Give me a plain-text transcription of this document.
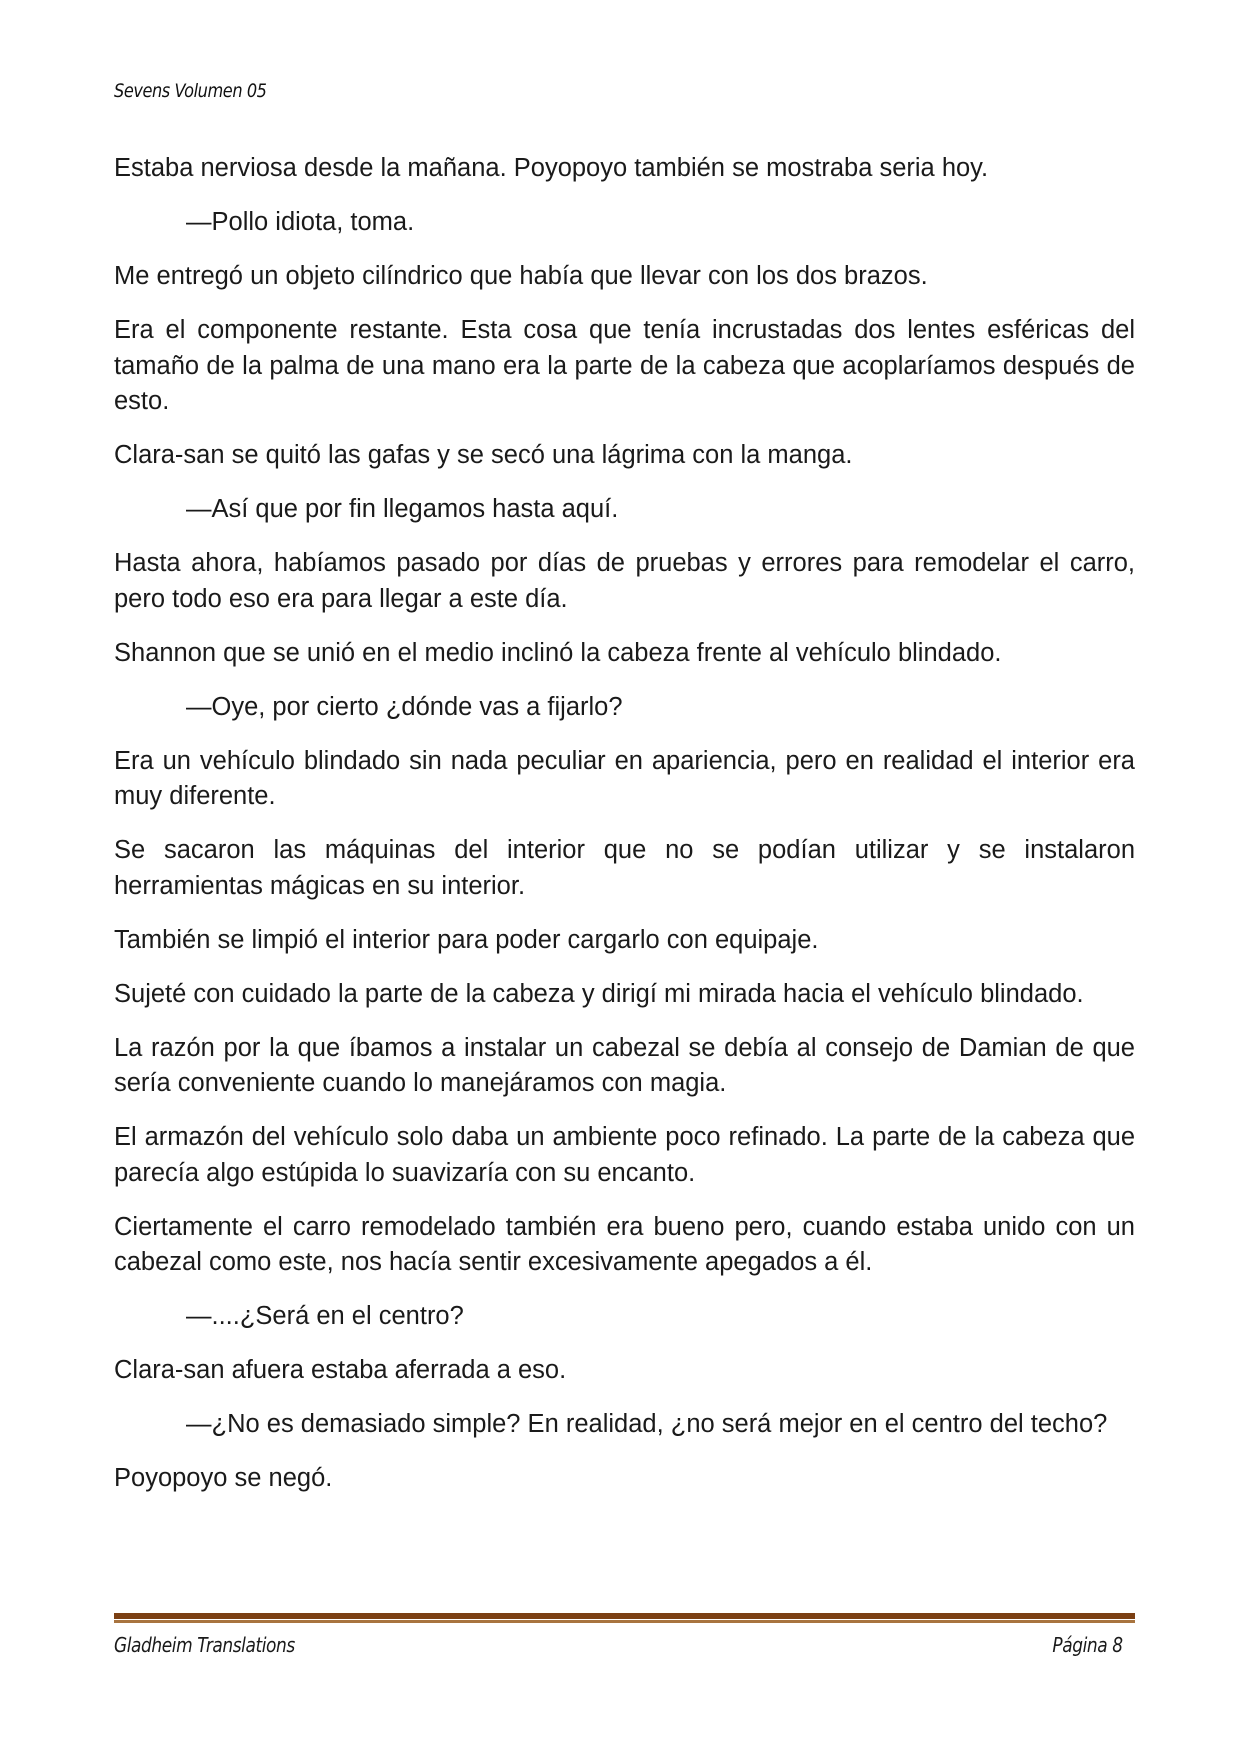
Sevens Volumen 05

Estaba nerviosa desde la mañana. Poyopoyo también se mostraba seria hoy.

—Pollo idiota, toma.

Me entregó un objeto cilíndrico que había que llevar con los dos brazos.

Era el componente restante. Esta cosa que tenía incrustadas dos lentes esféricas del tamaño de la palma de una mano era la parte de la cabeza que acoplaríamos después de esto.

Clara-san se quitó las gafas y se secó una lágrima con la manga.

—Así que por fin llegamos hasta aquí.

Hasta ahora, habíamos pasado por días de pruebas y errores para remodelar el carro, pero todo eso era para llegar a este día.

Shannon que se unió en el medio inclinó la cabeza frente al vehículo blindado.

—Oye, por cierto ¿dónde vas a fijarlo?

Era un vehículo blindado sin nada peculiar en apariencia, pero en realidad el interior era muy diferente.

Se sacaron las máquinas del interior que no se podían utilizar y se instalaron herramientas mágicas en su interior.

También se limpió el interior para poder cargarlo con equipaje.

Sujeté con cuidado la parte de la cabeza y dirigí mi mirada hacia el vehículo blindado.

La razón por la que íbamos a instalar un cabezal se debía al consejo de Damian de que sería conveniente cuando lo manejáramos con magia.

El armazón del vehículo solo daba un ambiente poco refinado. La parte de la cabeza que parecía algo estúpida lo suavizaría con su encanto.

Ciertamente el carro remodelado también era bueno pero, cuando estaba unido con un cabezal como este, nos hacía sentir excesivamente apegados a él.

—....¿Será en el centro?

Clara-san afuera estaba aferrada a eso.

—¿No es demasiado simple? En realidad, ¿no será mejor en el centro del techo?

Poyopoyo se negó.

Gladheim Translations	Página 8
